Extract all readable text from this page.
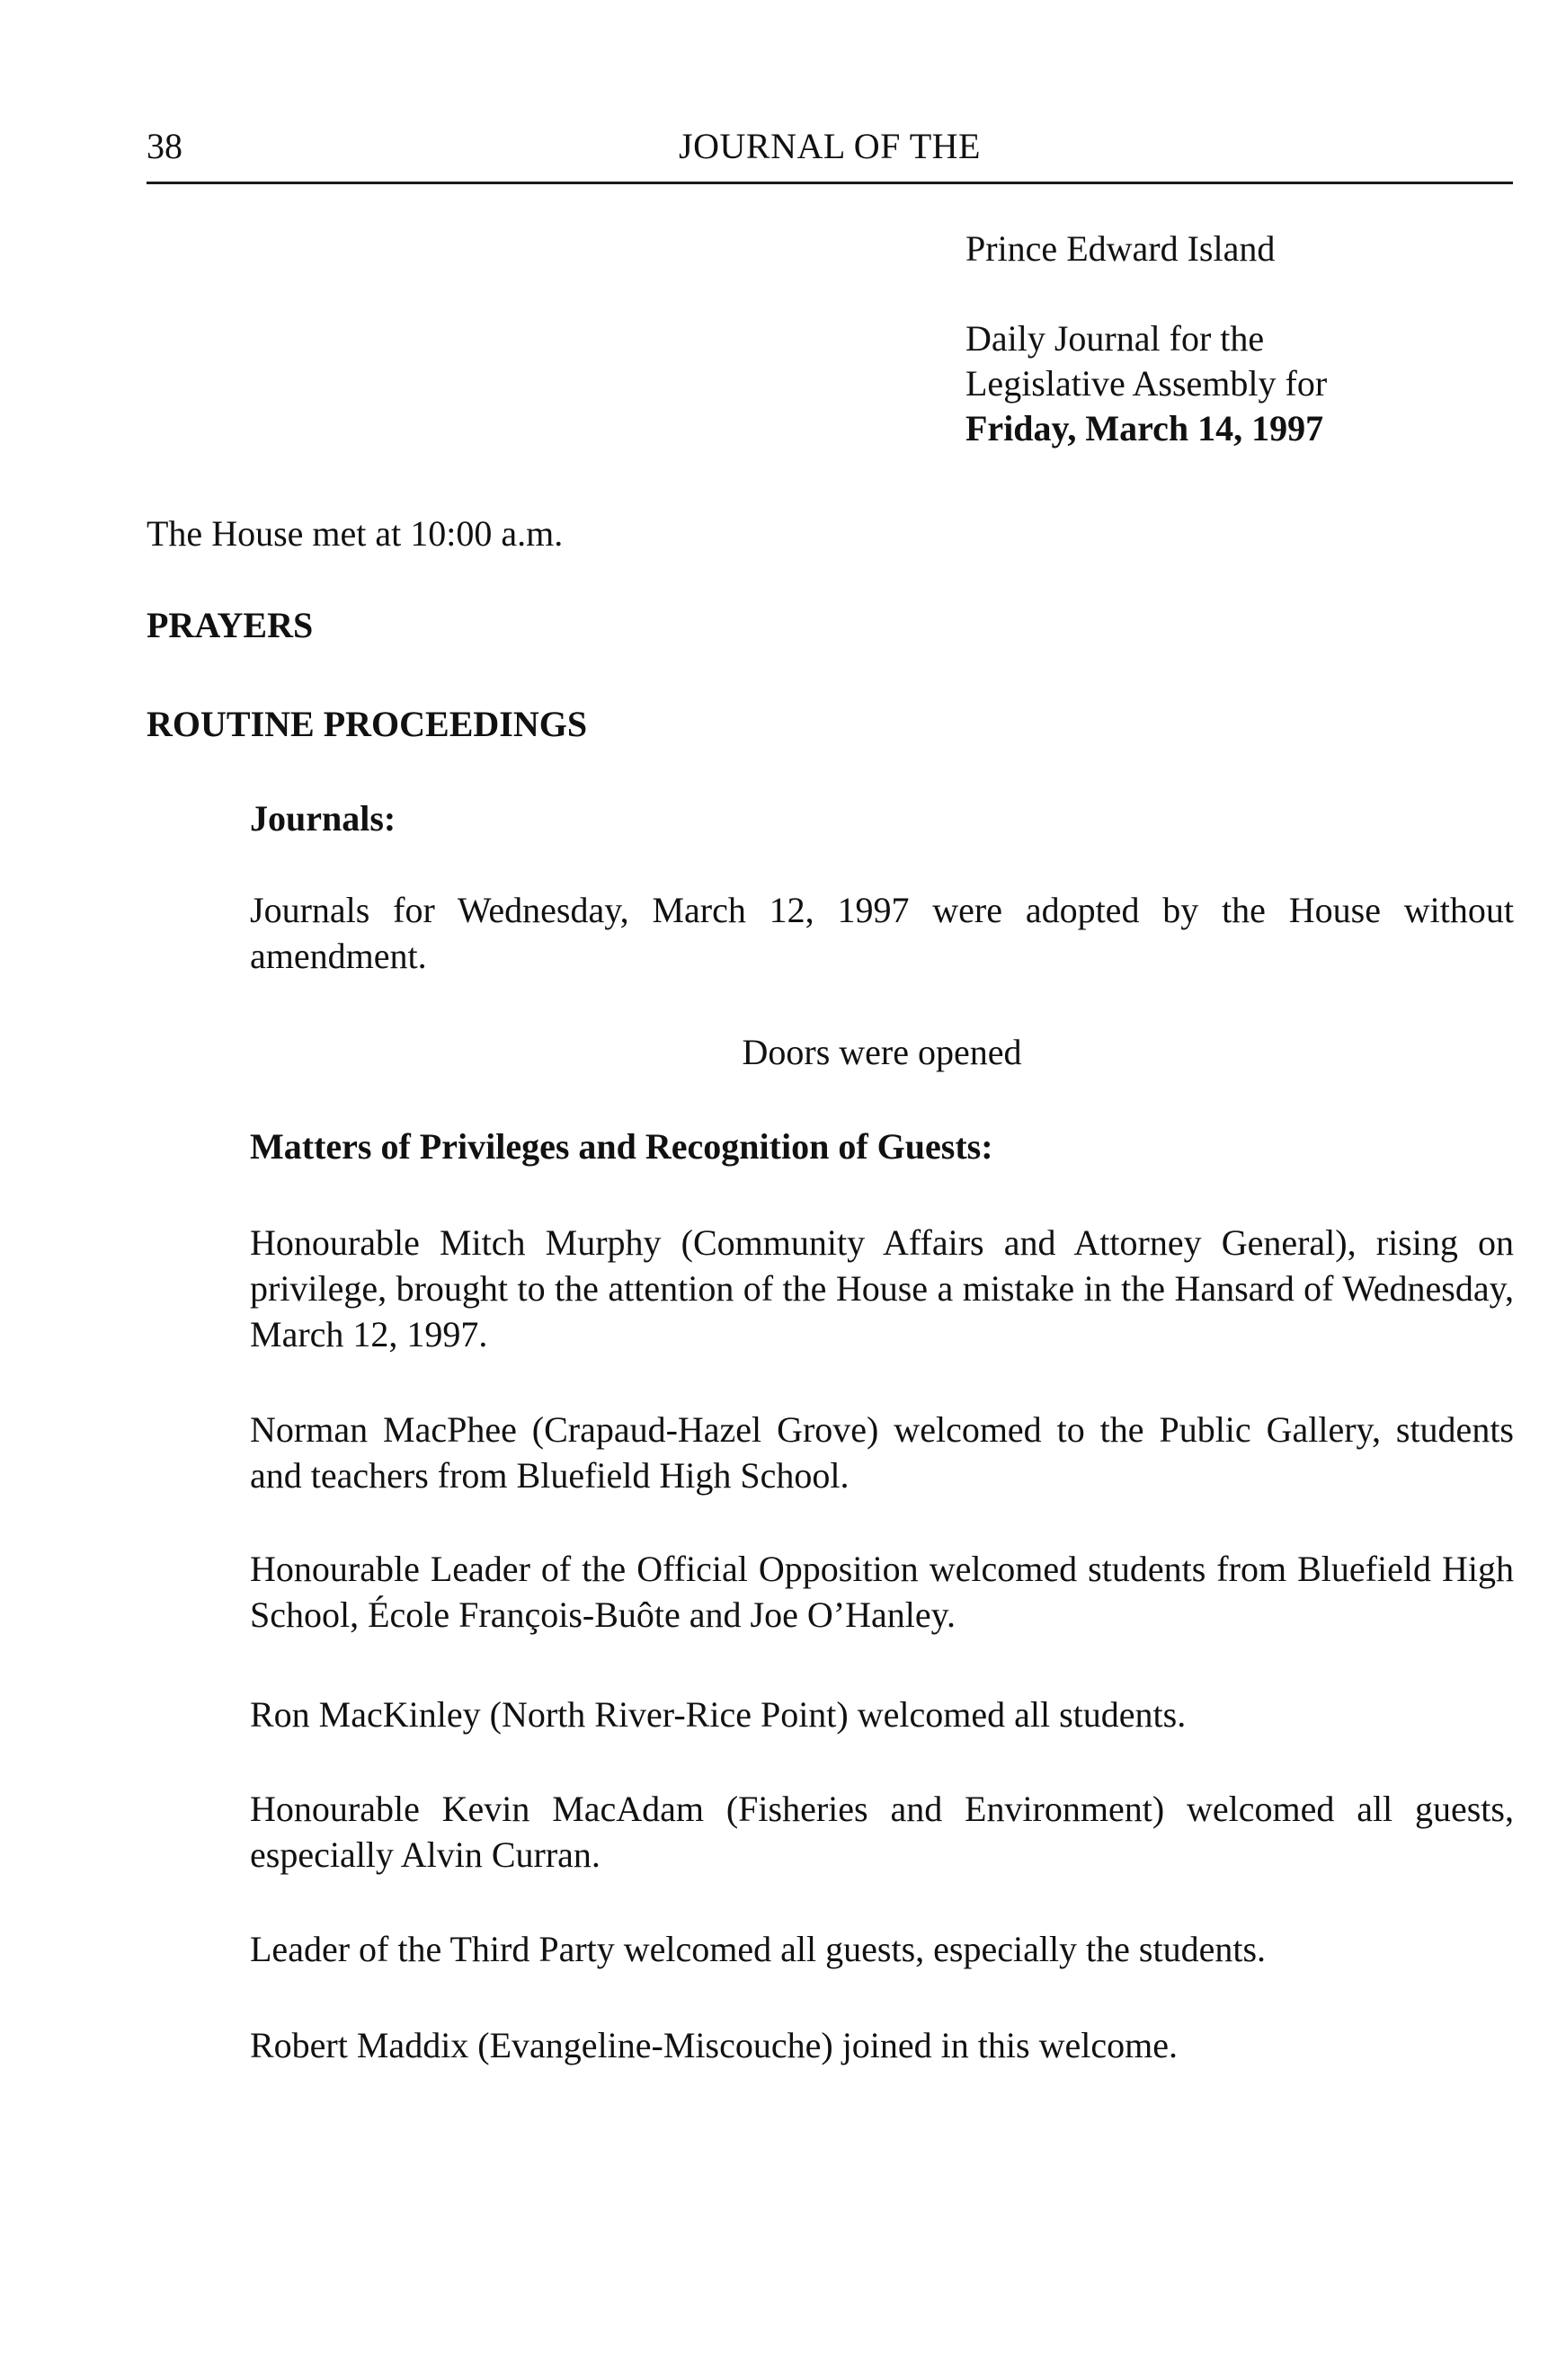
38	JOURNAL OF THE
Prince Edward Island
Daily Journal for the
Legislative Assembly for
Friday, March 14, 1997
The House met at 10:00 a.m.
PRAYERS
ROUTINE PROCEEDINGS
Journals:
Journals for Wednesday, March 12, 1997 were adopted by the House without amendment.
Doors were opened
Matters of Privileges and Recognition of Guests:
Honourable Mitch Murphy (Community Affairs and Attorney General), rising on privilege, brought to the attention of the House a mistake in the Hansard of Wednesday, March 12, 1997.
Norman MacPhee (Crapaud-Hazel Grove) welcomed to the Public Gallery, students and teachers from Bluefield High School.
Honourable Leader of the Official Opposition welcomed students from Bluefield High School, École François-Buôte and Joe O’Hanley.
Ron MacKinley (North River-Rice Point) welcomed all students.
Honourable Kevin MacAdam (Fisheries and Environment) welcomed all guests, especially Alvin Curran.
Leader of the Third Party welcomed all guests, especially the students.
Robert Maddix (Evangeline-Miscouche) joined in this welcome.
